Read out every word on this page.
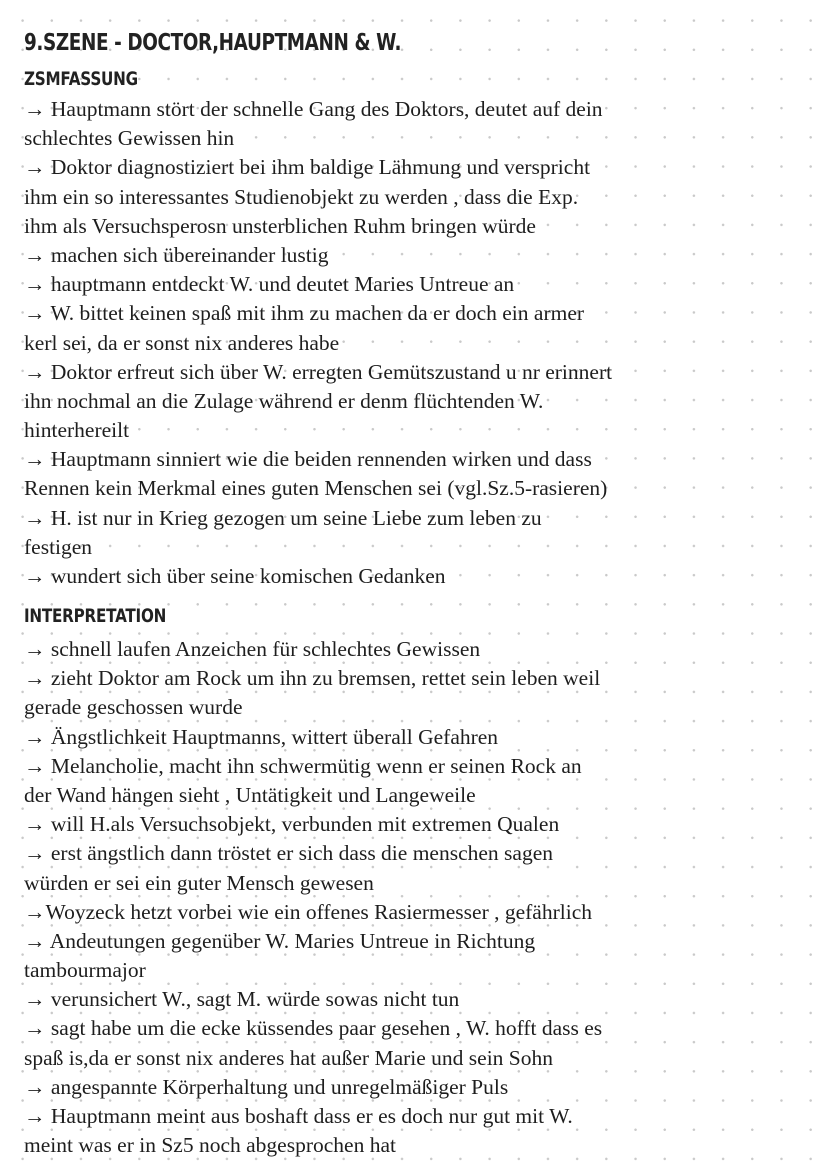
9.SZENE - DOCTOR,HAUPTMANN & W.
ZSMFASSUNG
→ Hauptmann stört der schnelle Gang des Doktors, deutet auf dein
schlechtes Gewissen hin
→ Doktor diagnostiziert bei ihm baldige Lähmung und verspricht
ihm ein so interessantes Studienobjekt zu werden , dass die Exp.
ihm als Versuchsperosn unsterblichen Ruhm bringen würde
→ machen sich übereinander lustig
→ hauptmann entdeckt W. und deutet Maries Untreue an
→ W. bittet keinen spaß mit ihm zu machen da er doch ein armer
kerl sei, da er sonst nix anderes habe
→ Doktor erfreut sich über W. erregten Gemütszustand u nr erinnert
ihn nochmal an die Zulage während er denm flüchtenden W.
hinterhereilt
→ Hauptmann sinniert wie die beiden rennenden wirken und dass
Rennen kein Merkmal eines guten Menschen sei (vgl.Sz.5-rasieren)
→ H. ist nur in Krieg gezogen um seine Liebe zum leben zu
festigen
→ wundert sich über seine komischen Gedanken
INTERPRETATION
→ schnell laufen Anzeichen für schlechtes Gewissen
→ zieht Doktor am Rock um ihn zu bremsen, rettet sein leben weil
gerade geschossen wurde
→ Ängstlichkeit Hauptmanns, wittert überall Gefahren
→ Melancholie, macht ihn schwermütig wenn er seinen Rock an
der Wand hängen sieht , Untätigkeit und Langeweile
→ will H.als Versuchsobjekt, verbunden mit extremen Qualen
→ erst ängstlich dann tröstet er sich dass die menschen sagen
würden er sei ein guter Mensch gewesen
→Woyzeck hetzt vorbei wie ein offenes Rasiermesser , gefährlich
→ Andeutungen gegenüber W. Maries Untreue in Richtung
tambourmajor
→ verunsichert W., sagt M. würde sowas nicht tun
→ sagt habe um die ecke küssendes paar gesehen , W. hofft dass es
spaß is,da er sonst nix anderes hat außer Marie und sein Sohn
→ angespannte Körperhaltung und unregelmäßiger Puls
→ Hauptmann meint aus boshaft dass er es doch nur gut mit W.
meint was er in Sz5 noch abgesprochen hat
